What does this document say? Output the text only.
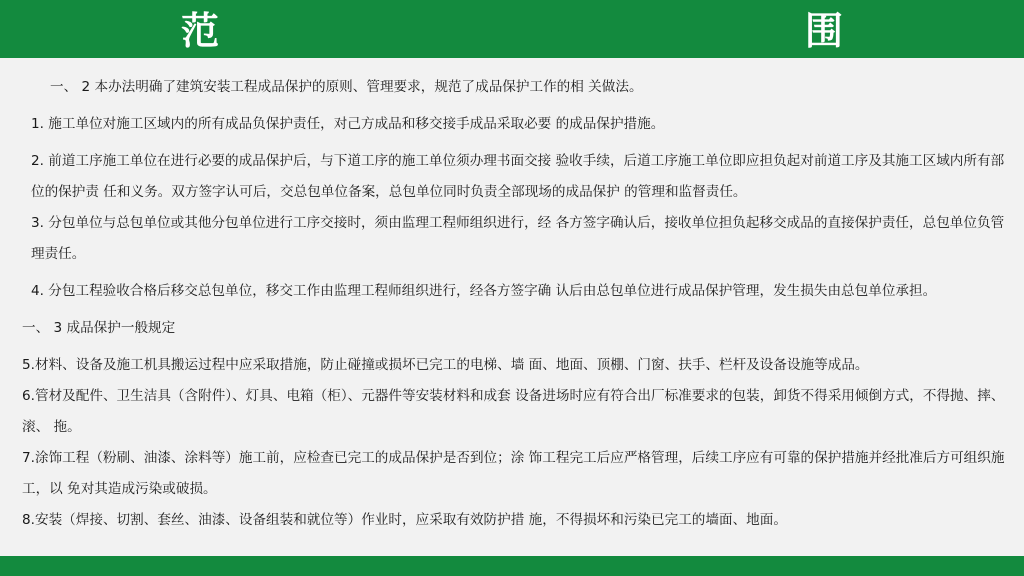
范　　　围

一、 2 本办法明确了建筑安装工程成品保护的原则、管理要求，规范了成品保护工作的相 关做法。

1. 施工单位对施工区域内的所有成品负保护责任，对己方成品和移交接手成品采取必要 的成品保护措施。

2. 前道工序施工单位在进行必要的成品保护后，与下道工序的施工单位须办理书面交接 验收手续，后道工序施工单位即应担负起对前道工序及其施工区域内所有部位的保护责 任和义务。双方签字认可后，交总包单位备案，总包单位同时负责全部现场的成品保护 的管理和监督责任。

3. 分包单位与总包单位或其他分包单位进行工序交接时，须由监理工程师组织进行，经 各方签字确认后，接收单位担负起移交成品的直接保护责任，总包单位负管理责任。

4. 分包工程验收合格后移交总包单位，移交工作由监理工程师组织进行，经各方签字确 认后由总包单位进行成品保护管理，发生损失由总包单位承担。

一、 3 成品保护一般规定

5.材料、设备及施工机具搬运过程中应采取措施，防止碰撞或损坏已完工的电梯、墙 面、地面、顶棚、门窗、扶手、栏杆及设备设施等成品。

6.管材及配件、卫生洁具（含附件）、灯具、电箱（柜）、元器件等安装材料和成套 设备进场时应有符合出厂标准要求的包装，卸货不得采用倾倒方式，不得抛、摔、滚、 拖。

7.涂饰工程（粉刷、油漆、涂料等）施工前，应检查已完工的成品保护是否到位；涂 饰工程完工后应严格管理，后续工序应有可靠的保护措施并经批准后方可组织施工，以 免对其造成污染或破损。

8.安装（焊接、切割、套丝、油漆、设备组装和就位等）作业时，应采取有效防护措 施，不得损坏和污染已完工的墙面、地面。
